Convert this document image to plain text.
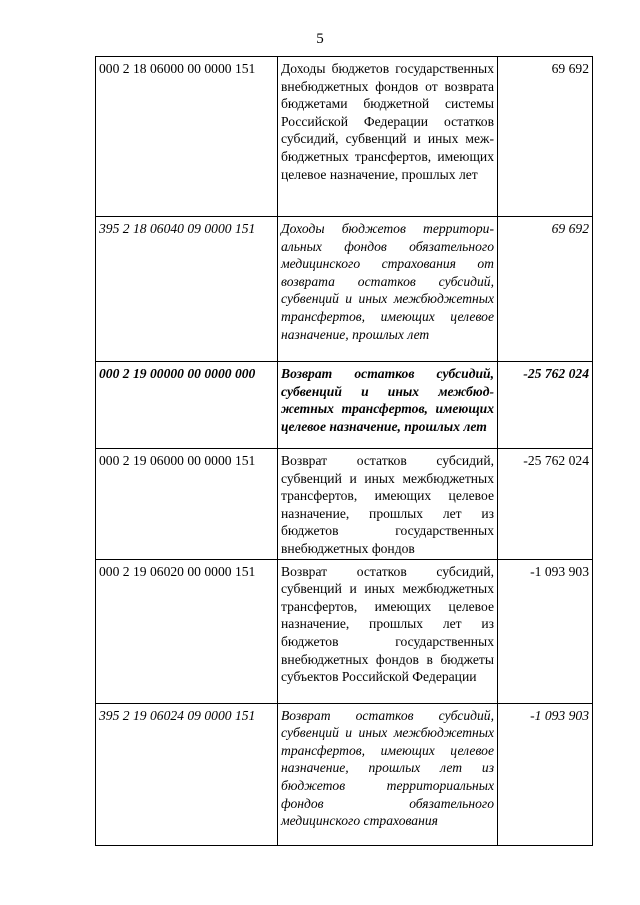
5
000 2 18 06000 00 0000 151	Доходы бюджетов государственных внебюджетных фондов от возврата бюджетами бюджетной системы Российской Федерации остатков субсидий, субвенций и иных межбюджетных трансфертов, имеющих целевое назначение, прошлых лет	69 692
395 2 18 06040 09 0000 151	Доходы бюджетов территориальных фондов обязательного медицинского страхования от возврата остатков субсидий, субвенций и иных межбюджетных трансфертов, имеющих целевое назначение, прошлых лет	69 692
000 2 19 00000 00 0000 000	Возврат остатков субсидий, субвенций и иных межбюджетных трансфертов, имеющих целевое назначение, прошлых лет	-25 762 024
000 2 19 06000 00 0000 151	Возврат остатков субсидий, субвенций и иных межбюджетных трансфертов, имеющих целевое назначение, прошлых лет из бюджетов государственных внебюджетных фондов	-25 762 024
000 2 19 06020 00 0000 151	Возврат остатков субсидий, субвенций и иных межбюджетных трансфертов, имеющих целевое назначение, прошлых лет из бюджетов государственных внебюджетных фондов в бюджеты субъектов Российской Федерации	-1 093 903
395 2 19 06024 09 0000 151	Возврат остатков субсидий, субвенций и иных межбюджетных трансфертов, имеющих целевое назначение, прошлых лет из бюджетов территориальных фондов обязательного медицинского страхования	-1 093 903
